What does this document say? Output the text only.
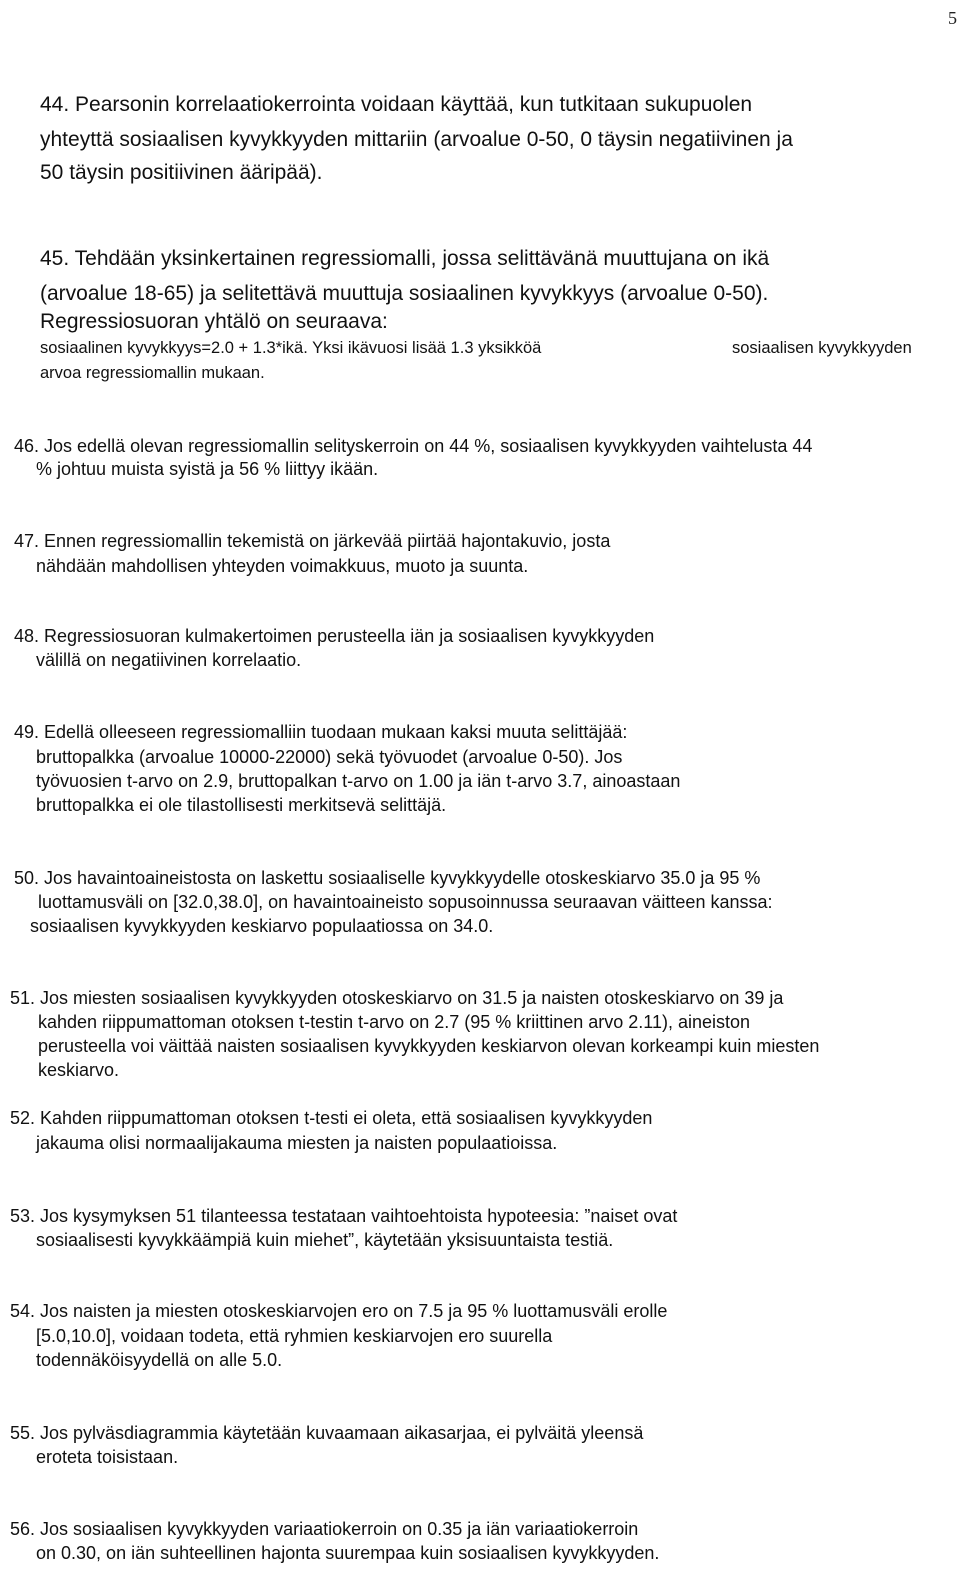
5
44. Pearsonin korrelaatiokerrointa voidaan käyttää, kun tutkitaan sukupuolen
yhteyttä sosiaalisen kyvykkyyden mittariin (arvoalue 0-50, 0 täysin negatiivinen ja
50 täysin positiivinen ääripää).
45. Tehdään yksinkertainen regressiomalli, jossa selittävänä muuttujana on ikä
(arvoalue 18-65) ja selitettävä muuttuja sosiaalinen kyvykkyys (arvoalue 0-50).
Regressiosuoran yhtälö on seuraava:
sosiaalinen kyvykkyys=2.0 + 1.3*ikä. Yksi ikävuosi lisää 1.3 yksikköä	sosiaalisen kyvykkyyden
arvoa regressiomallin mukaan.
46. Jos edellä olevan regressiomallin selityskerroin on 44 %, sosiaalisen kyvykkyyden vaihtelusta 44
% johtuu muista syistä ja 56 % liittyy ikään.
47. Ennen regressiomallin tekemistä on järkevää piirtää hajontakuvio, josta
nähdään mahdollisen yhteyden voimakkuus, muoto ja suunta.
48. Regressiosuoran kulmakertoimen perusteella iän ja sosiaalisen kyvykkyyden
välillä on negatiivinen korrelaatio.
49. Edellä olleeseen regressiomalliin tuodaan mukaan kaksi muuta selittäjää:
bruttopalkka (arvoalue 10000-22000) sekä työvuodet (arvoalue 0-50). Jos
työvuosien t-arvo on 2.9, bruttopalkan t-arvo on 1.00 ja iän t-arvo 3.7, ainoastaan
bruttopalkka ei ole tilastollisesti merkitsevä selittäjä.
50. Jos havaintoaineistosta on laskettu sosiaaliselle kyvykkyydelle otoskeskiarvo 35.0 ja 95 %
luottamusväli on [32.0,38.0], on havaintoaineisto sopusoinnussa seuraavan väitteen kanssa:
sosiaalisen kyvykkyyden keskiarvo populaatiossa on 34.0.
51. Jos miesten sosiaalisen kyvykkyyden otoskeskiarvo on 31.5 ja naisten otoskeskiarvo on 39 ja
kahden riippumattoman otoksen t-testin t-arvo on 2.7 (95 % kriittinen arvo 2.11), aineiston
perusteella voi väittää naisten sosiaalisen kyvykkyyden keskiarvon olevan korkeampi kuin miesten
keskiarvo.
52. Kahden riippumattoman otoksen t-testi ei oleta, että sosiaalisen kyvykkyyden
jakauma olisi normaalijakauma miesten ja naisten populaatioissa.
53. Jos kysymyksen 51 tilanteessa testataan vaihtoehtoista hypoteesia: ”naiset ovat
sosiaalisesti kyvykkäämpiä kuin miehet”, käytetään yksisuuntaista testiä.
54. Jos naisten ja miesten otoskeskiarvojen ero on 7.5 ja 95 % luottamusväli erolle
[5.0,10.0], voidaan todeta, että ryhmien keskiarvojen ero suurella
todennäköisyydellä on alle 5.0.
55. Jos pylväsdiagrammia käytetään kuvaamaan aikasarjaa, ei pylväitä yleensä
eroteta toisistaan.
56. Jos sosiaalisen kyvykkyyden variaatiokerroin on 0.35 ja iän variaatiokerroin
on 0.30, on iän suhteellinen hajonta suurempaa kuin sosiaalisen kyvykkyyden.
